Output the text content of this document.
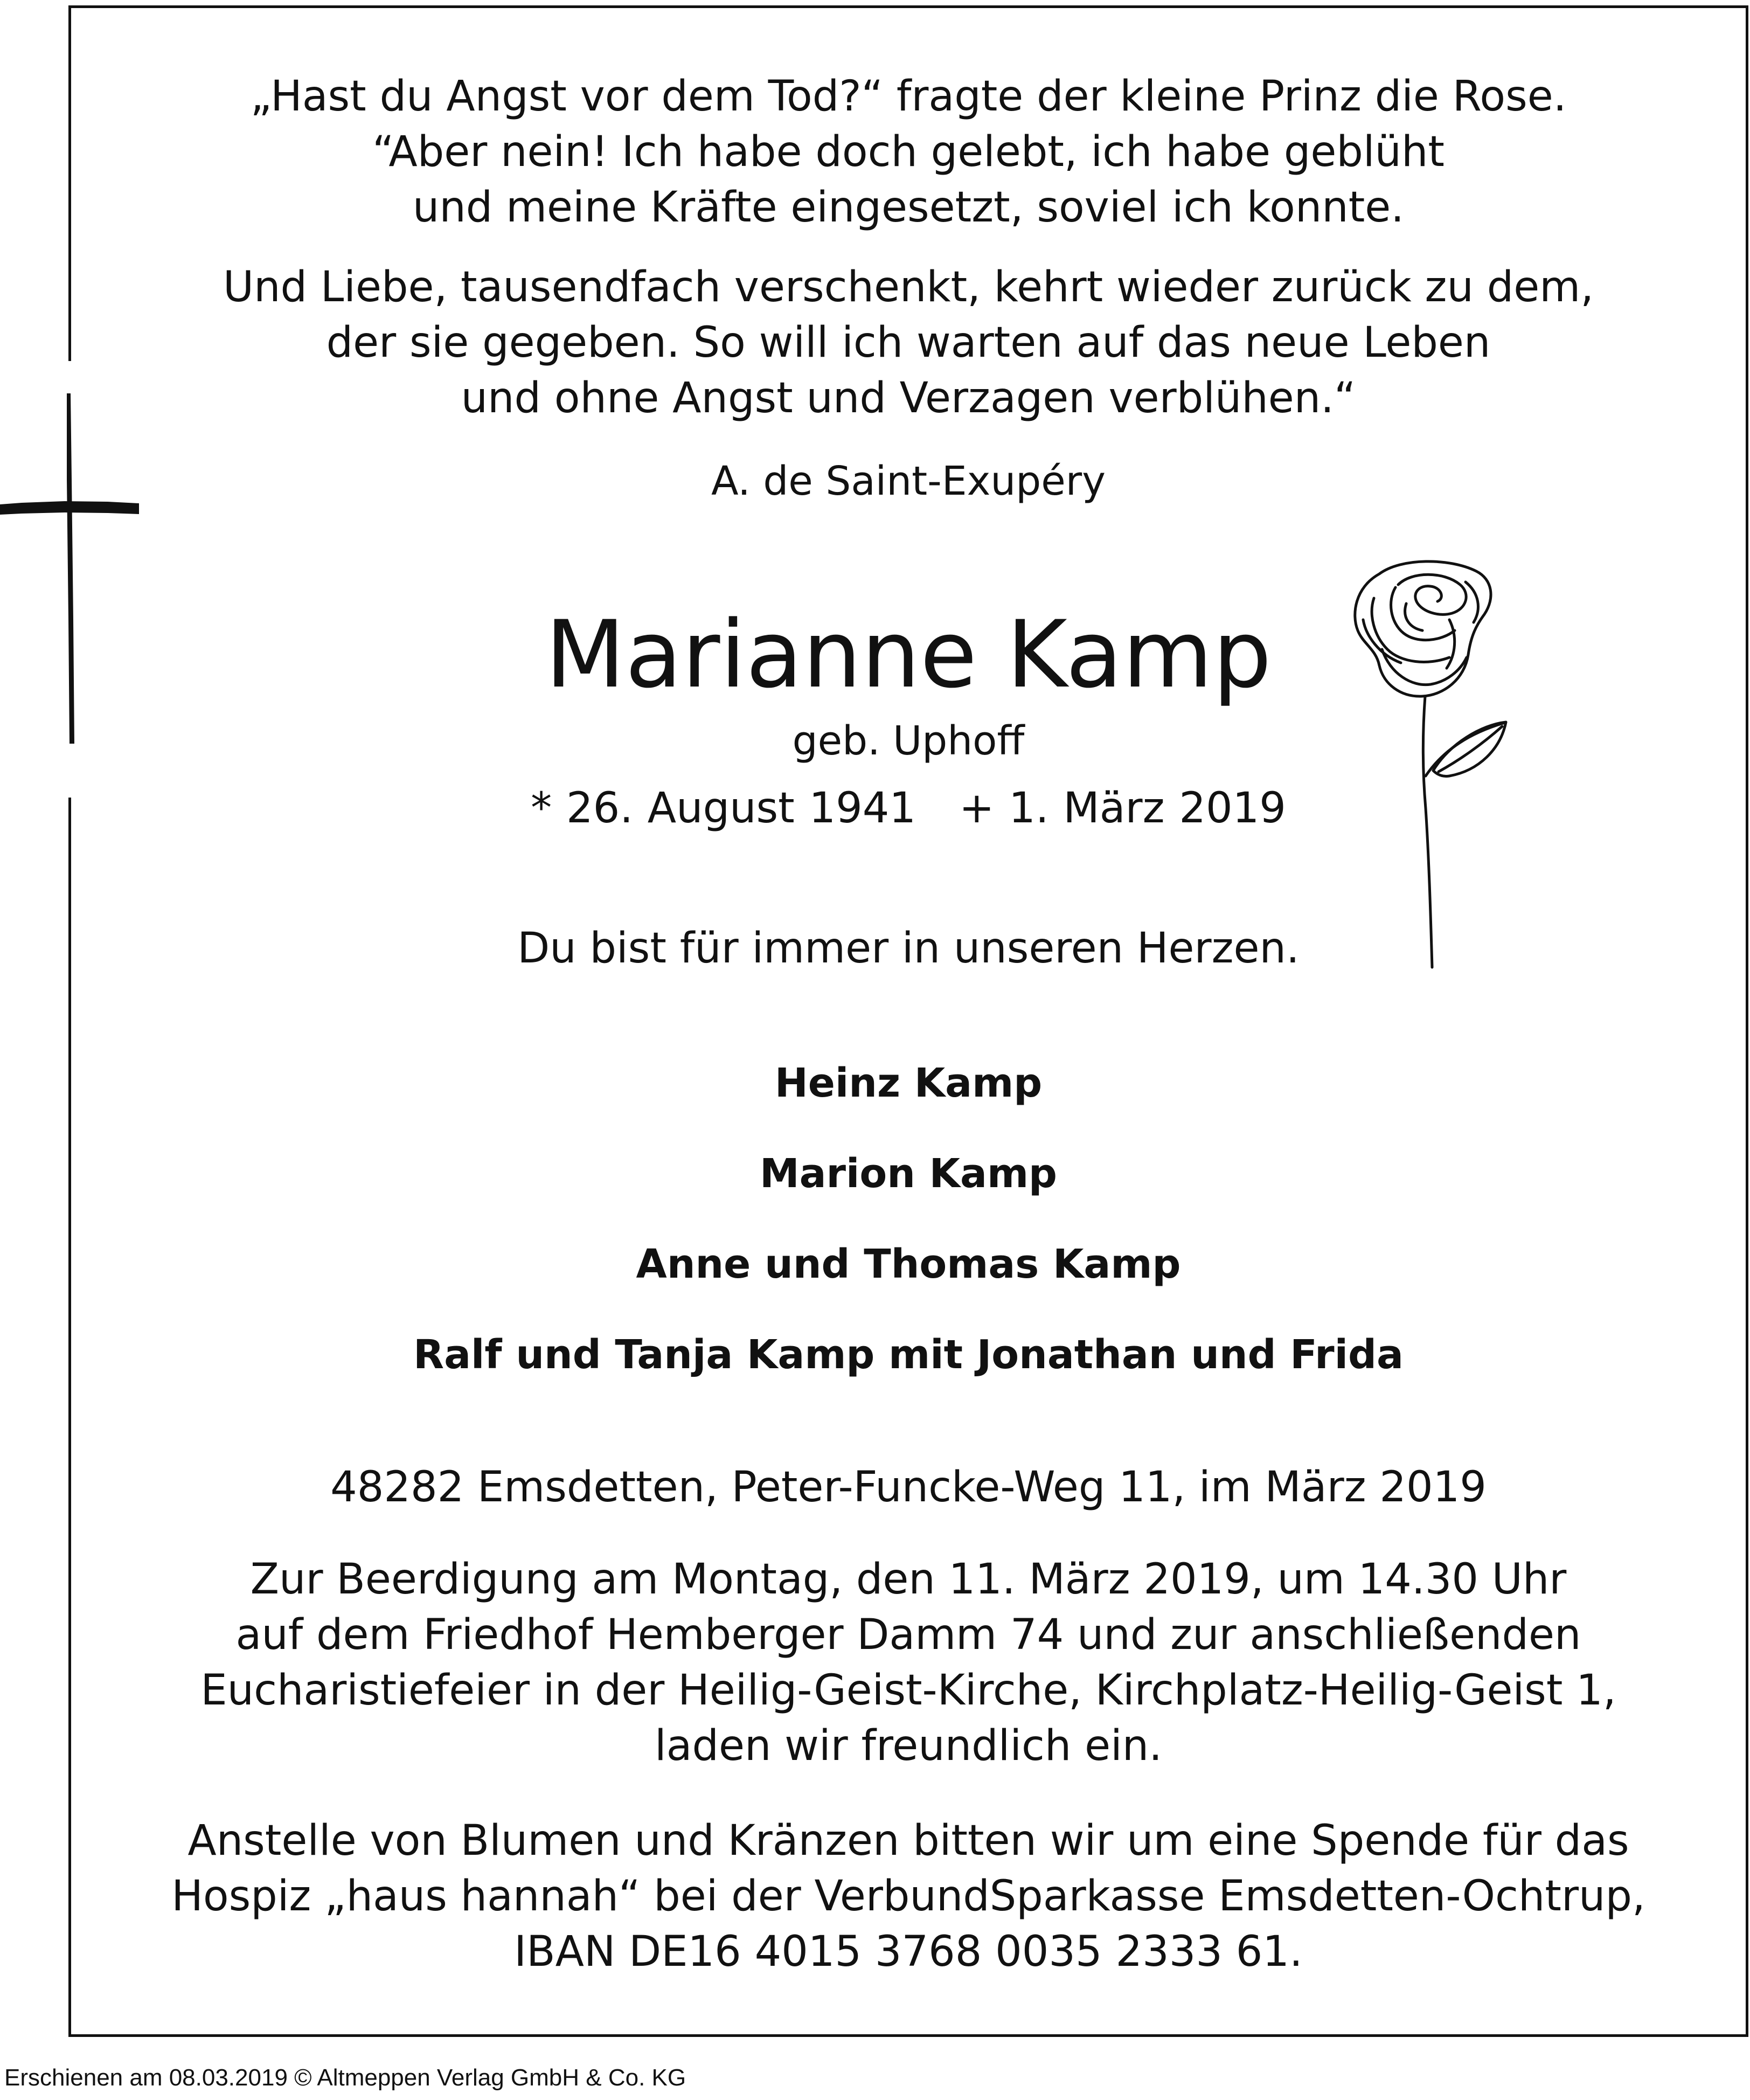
„Hast du Angst vor dem Tod?“ fragte der kleine Prinz die Rose.
“Aber nein! Ich habe doch gelebt, ich habe geblüht
und meine Kräfte eingesetzt, soviel ich konnte.
Und Liebe, tausendfach verschenkt, kehrt wieder zurück zu dem,
der sie gegeben. So will ich warten auf das neue Leben
und ohne Angst und Verzagen verblühen.“
A. de Saint-Exupéry
Marianne Kamp
geb. Uphoff
* 26. August 1941 + 1. März 2019
Du bist für immer in unseren Herzen.
Heinz Kamp
Marion Kamp
Anne und Thomas Kamp
Ralf und Tanja Kamp mit Jonathan und Frida
48282 Emsdetten, Peter-Funcke-Weg 11, im März 2019
Zur Beerdigung am Montag, den 11. März 2019, um 14.30 Uhr
auf dem Friedhof Hemberger Damm 74 und zur anschließenden
Eucharistiefeier in der Heilig-Geist-Kirche, Kirchplatz-Heilig-Geist 1,
laden wir freundlich ein.
Anstelle von Blumen und Kränzen bitten wir um eine Spende für das
Hospiz „haus hannah“ bei der VerbundSparkasse Emsdetten-Ochtrup,
IBAN DE16 4015 3768 0035 2333 61.
Erschienen am 08.03.2019 © Altmeppen Verlag GmbH & Co. KG
